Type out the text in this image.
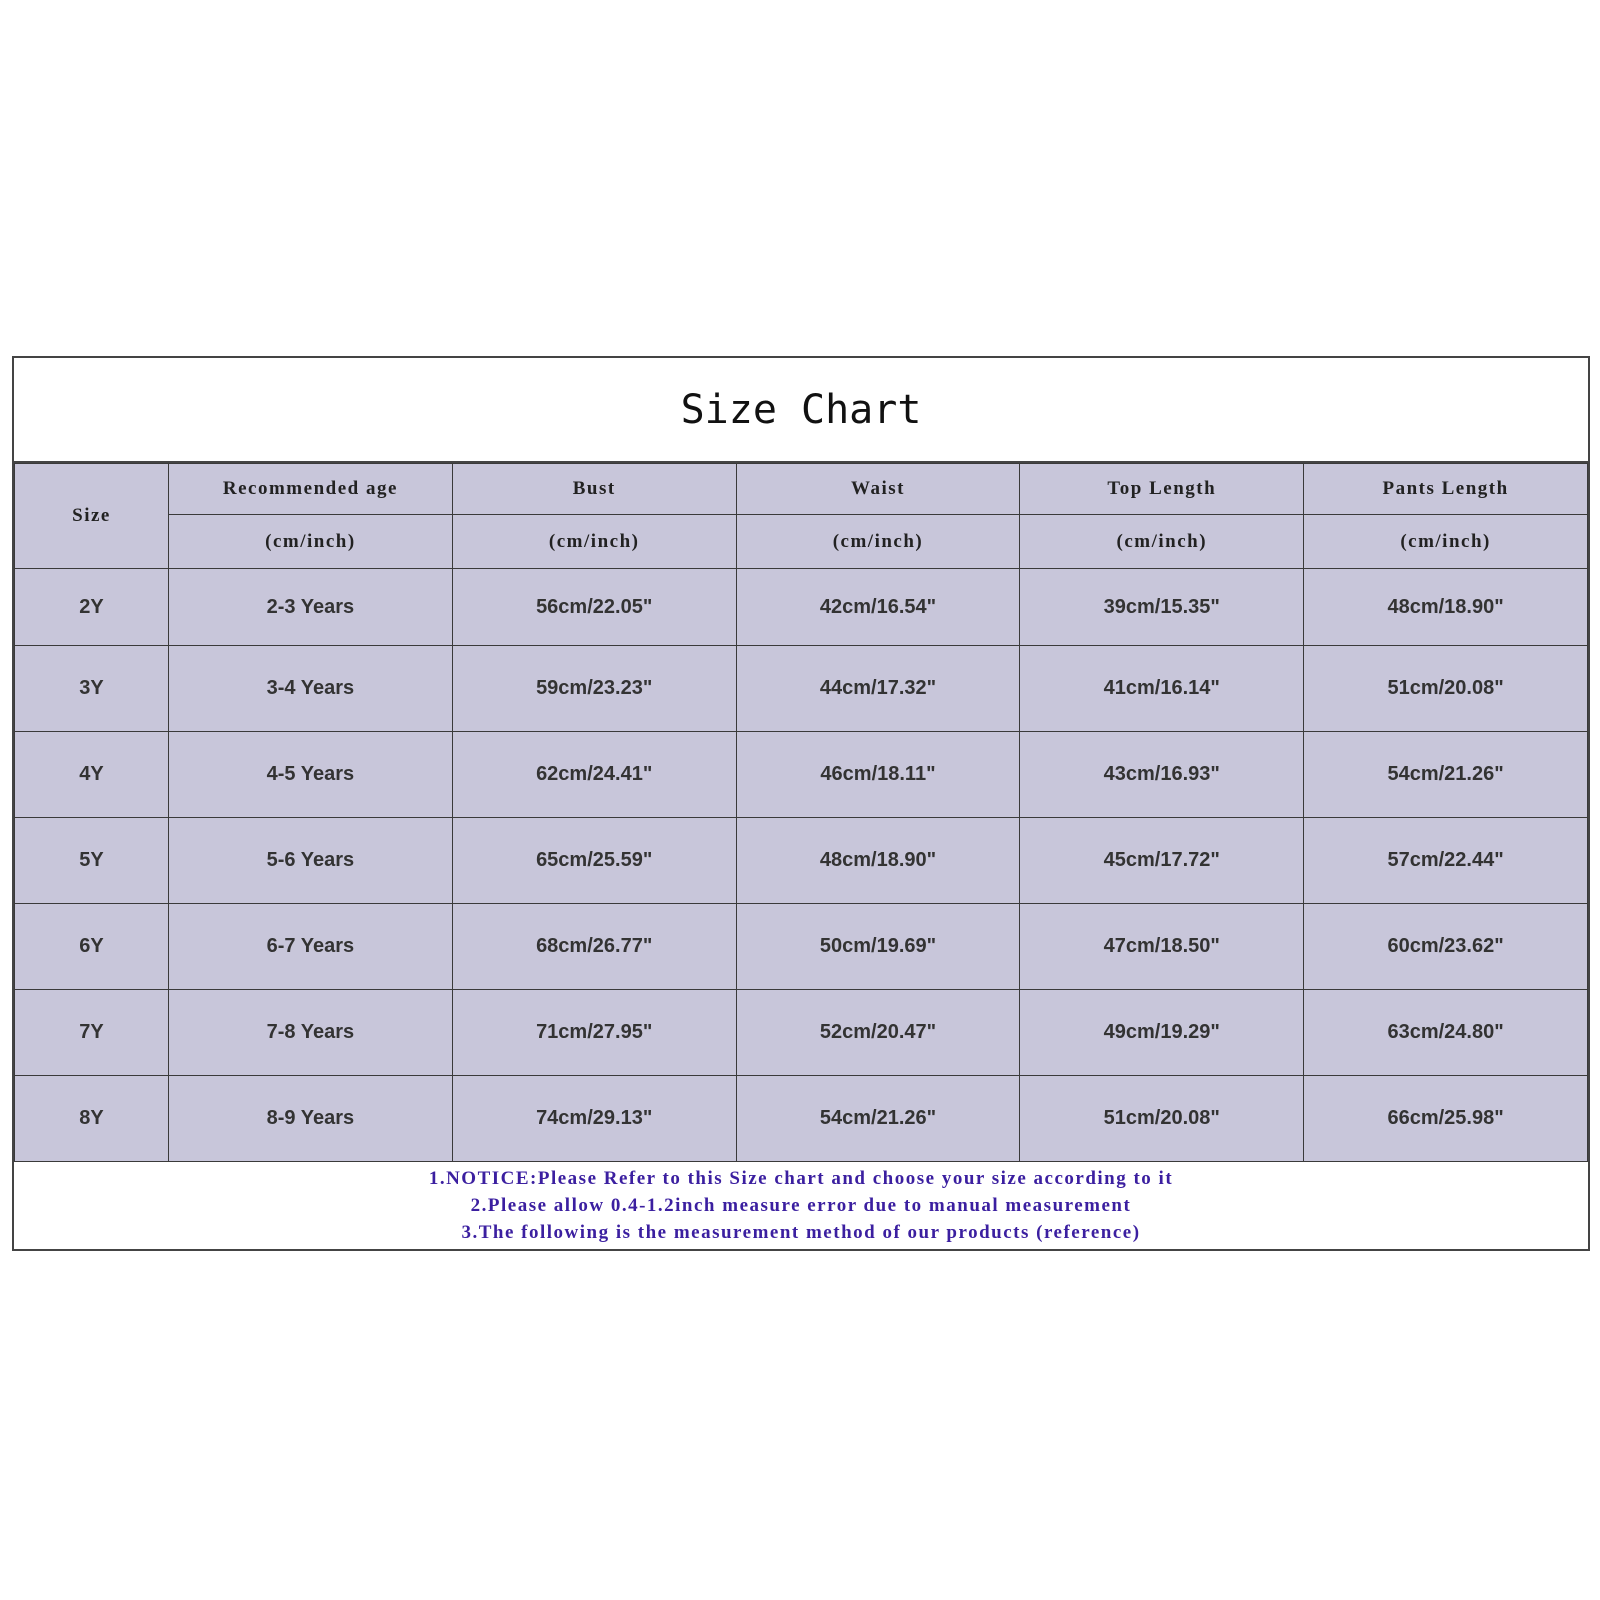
Size Chart
Size	Recommended age	Bust	Waist	Top Length	Pants Length
	(cm/inch)	(cm/inch)	(cm/inch)	(cm/inch)	(cm/inch)
2Y	2-3 Years	56cm/22.05"	42cm/16.54"	39cm/15.35"	48cm/18.90"
3Y	3-4 Years	59cm/23.23"	44cm/17.32"	41cm/16.14"	51cm/20.08"
4Y	4-5 Years	62cm/24.41"	46cm/18.11"	43cm/16.93"	54cm/21.26"
5Y	5-6 Years	65cm/25.59"	48cm/18.90"	45cm/17.72"	57cm/22.44"
6Y	6-7 Years	68cm/26.77"	50cm/19.69"	47cm/18.50"	60cm/23.62"
7Y	7-8 Years	71cm/27.95"	52cm/20.47"	49cm/19.29"	63cm/24.80"
8Y	8-9 Years	74cm/29.13"	54cm/21.26"	51cm/20.08"	66cm/25.98"
1.NOTICE:Please Refer to this Size chart and choose your size according to it
2.Please allow 0.4-1.2inch measure error due to manual measurement
3.The following is the measurement method of our products (reference)
